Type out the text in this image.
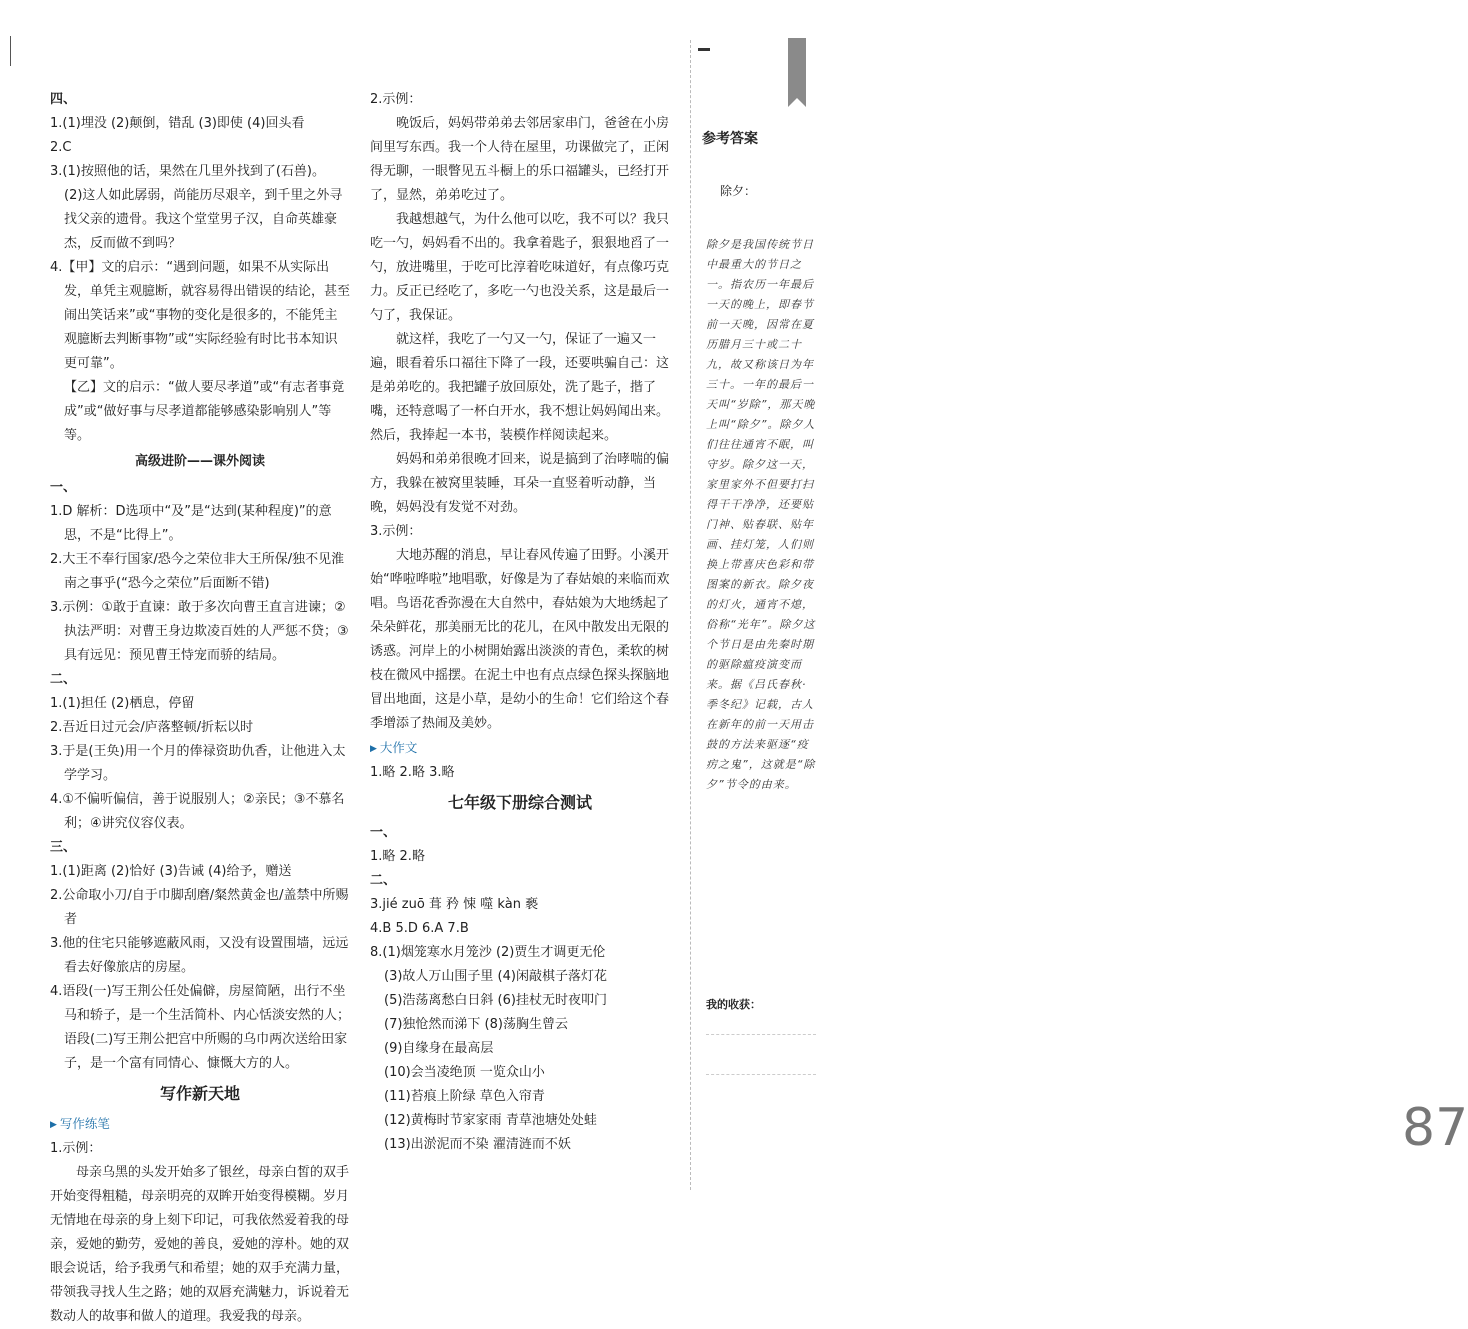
四、

1.(1)埋没 (2)颠倒，错乱 (3)即使 (4)回头看

2.C

3.(1)按照他的话，果然在几里外找到了(石兽)。

(2)这人如此孱弱，尚能历尽艰辛，到千里之外寻找父亲的遗骨。我这个堂堂男子汉，自命英雄豪杰，反而做不到吗？

4.【甲】文的启示：“遇到问题，如果不从实际出发，单凭主观臆断，就容易得出错误的结论，甚至闹出笑话来”或“事物的变化是很多的，不能凭主观臆断去判断事物”或“实际经验有时比书本知识更可靠”。

【乙】文的启示：“做人要尽孝道”或“有志者事竟成”或“做好事与尽孝道都能够感染影响别人”等等。

高级进阶——课外阅读

一、

1.D 解析：D选项中“及”是“达到(某种程度)”的意思，不是“比得上”。

2.大王不奉行国家/恐今之荣位非大王所保/独不见淮南之事乎(“恐今之荣位”后面断不错)

3.示例：①敢于直谏：敢于多次向曹王直言进谏；②执法严明：对曹王身边欺凌百姓的人严惩不贷；③具有远见：预见曹王恃宠而骄的结局。

二、

1.(1)担任 (2)栖息，停留

2.吾近日过元会/庐落整顿/折耘以时

3.于是(王奂)用一个月的俸禄资助仇香，让他进入太学学习。

4.①不偏听偏信，善于说服别人；②亲民；③不慕名利；④讲究仪容仪表。

三、

1.(1)距离 (2)恰好 (3)告诫 (4)给予，赠送

2.公命取小刀/自于巾脚刮磨/粲然黄金也/盖禁中所赐者

3.他的住宅只能够遮蔽风雨，又没有设置围墙，远远看去好像旅店的房屋。

4.语段(一)写王荆公任处偏僻，房屋简陋，出行不坐马和轿子，是一个生活简朴、内心恬淡安然的人；语段(二)写王荆公把宫中所赐的乌巾两次送给田家子，是一个富有同情心、慷慨大方的人。

写作新天地

▶ 写作练笔

1.示例：

母亲乌黑的头发开始多了银丝，母亲白皙的双手开始变得粗糙，母亲明亮的双眸开始变得模糊。岁月无情地在母亲的身上刻下印记，可我依然爱着我的母亲，爱她的勤劳，爱她的善良，爱她的淳朴。她的双眼会说话，给予我勇气和希望；她的双手充满力量，带领我寻找人生之路；她的双唇充满魅力，诉说着无数动人的故事和做人的道理。我爱我的母亲。

2.示例：

晚饭后，妈妈带弟弟去邻居家串门，爸爸在小房间里写东西。我一个人待在屋里，功课做完了，正闲得无聊，一眼瞥见五斗橱上的乐口福罐头，已经打开了，显然，弟弟吃过了。

我越想越气，为什么他可以吃，我不可以？我只吃一勺，妈妈看不出的。我拿着匙子，狠狠地舀了一勺，放进嘴里，于吃可比淳着吃味道好，有点像巧克力。反正已经吃了，多吃一勺也没关系，这是最后一勺了，我保证。

就这样，我吃了一勺又一勺，保证了一遍又一遍，眼看着乐口福往下降了一段，还要哄骗自己：这是弟弟吃的。我把罐子放回原处，洗了匙子，揩了嘴，还特意喝了一杯白开水，我不想让妈妈闻出来。然后，我捧起一本书，装模作样阅读起来。

妈妈和弟弟很晚才回来，说是搞到了治哮喘的偏方，我躲在被窝里装睡，耳朵一直竖着听动静，当晚，妈妈没有发觉不对劲。

3.示例：

大地苏醒的消息，早让春风传遍了田野。小溪开始“哗啦哗啦”地唱歌，好像是为了春姑娘的来临而欢唱。鸟语花香弥漫在大自然中，春姑娘为大地绣起了朵朵鲜花，那美丽无比的花儿，在风中散发出无限的诱惑。河岸上的小树開始露出淡淡的青色，柔软的树枝在微风中摇摆。在泥土中也有点点绿色探头探脑地冒出地面，这是小草，是幼小的生命！它们给这个春季增添了热闹及美妙。

▶ 大作文

1.略 2.略 3.略

七年级下册综合测试

一、

1.略 2.略

二、

3.jié zuō 葺 矜 悚 噬 kàn 褻

4.B 5.D 6.A 7.B

8.(1)烟笼寒水月笼沙 (2)贾生才调更无伦

(3)故人万山围子里 (4)闲敲棋子落灯花

(5)浩荡离愁白日斜 (6)挂杖无时夜叩门

(7)独怆然而涕下 (8)荡胸生曾云

(9)自缘身在最高层

(10)会当凌绝顶 一览众山小

(11)苔痕上阶绿 草色入帘青

(12)黄梅时节家家雨 青草池塘处处蛙

(13)出淤泥而不染 濯清涟而不妖

参考答案
除夕：
除夕是我国传统节日中最重大的节日之一。指农历一年最后一天的晚上，即春节前一天晚，因常在夏历腊月三十或二十九，故又称该日为年三十。一年的最后一天叫“岁除”，那天晚上叫“除夕”。除夕人们往往通宵不眠，叫守岁。除夕这一天，家里家外不但要打扫得干干净净，还要贴门神、贴春联、贴年画、挂灯笼，人们则换上带喜庆色彩和带图案的新衣。除夕夜的灯火，通宵不熄，俗称“光年”。除夕这个节日是由先秦时期的驱除瘟疫演变而来。据《吕氏春秋·季冬纪》记载，古人在新年的前一天用击鼓的方法来驱逐“疫疠之鬼”，这就是“除夕”节令的由来。
我的收获：
87
